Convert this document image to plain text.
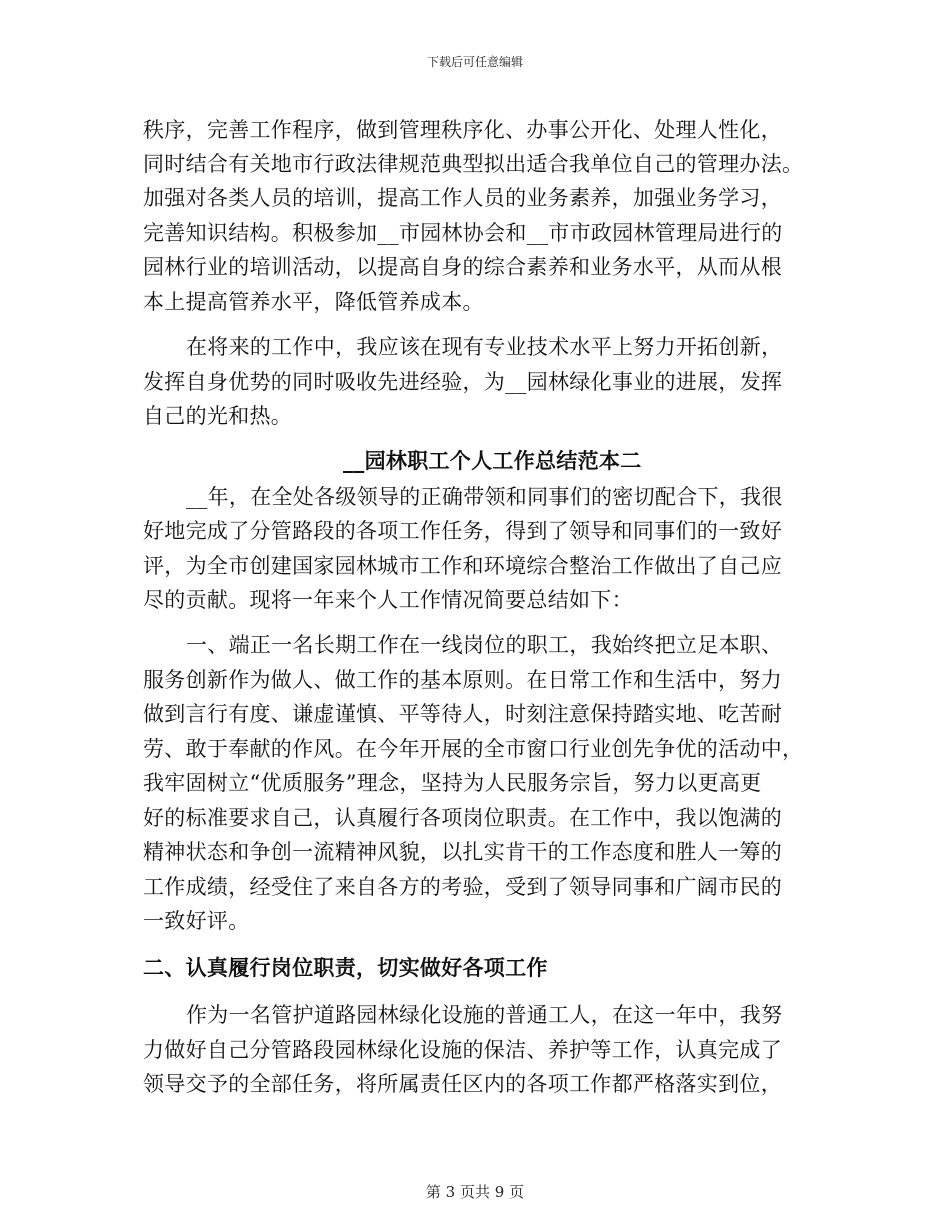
下载后可任意编辑
秩序，完善工作程序，做到管理秩序化、办事公开化、处理人性化，
同时结合有关地市行政法律规范典型拟出适合我单位自己的管理办法。
加强对各类人员的培训，提高工作人员的业务素养，加强业务学习，
完善知识结构。积极参加__市园林协会和__市市政园林管理局进行的
园林行业的培训活动，以提高自身的综合素养和业务水平，从而从根
本上提高管养水平，降低管养成本。
在将来的工作中，我应该在现有专业技术水平上努力开拓创新，
发挥自身优势的同时吸收先进经验，为__园林绿化事业的进展，发挥
自己的光和热。
__园林职工个人工作总结范本二
__年，在全处各级领导的正确带领和同事们的密切配合下，我很
好地完成了分管路段的各项工作任务，得到了领导和同事们的一致好
评，为全市创建国家园林城市工作和环境综合整治工作做出了自己应
尽的贡献。现将一年来个人工作情况简要总结如下：
一、端正一名长期工作在一线岗位的职工，我始终把立足本职、
服务创新作为做人、做工作的基本原则。在日常工作和生活中，努力
做到言行有度、谦虚谨慎、平等待人，时刻注意保持踏实地、吃苦耐
劳、敢于奉献的作风。在今年开展的全市窗口行业创先争优的活动中，
我牢固树立“优质服务”理念，坚持为人民服务宗旨，努力以更高更
好的标准要求自己，认真履行各项岗位职责。在工作中，我以饱满的
精神状态和争创一流精神风貌，以扎实肯干的工作态度和胜人一筹的
工作成绩，经受住了来自各方的考验，受到了领导同事和广阔市民的
一致好评。
二、认真履行岗位职责，切实做好各项工作
作为一名管护道路园林绿化设施的普通工人，在这一年中，我努
力做好自己分管路段园林绿化设施的保洁、养护等工作，认真完成了
领导交予的全部任务，将所属责任区内的各项工作都严格落实到位，
第 3 页共 9 页
